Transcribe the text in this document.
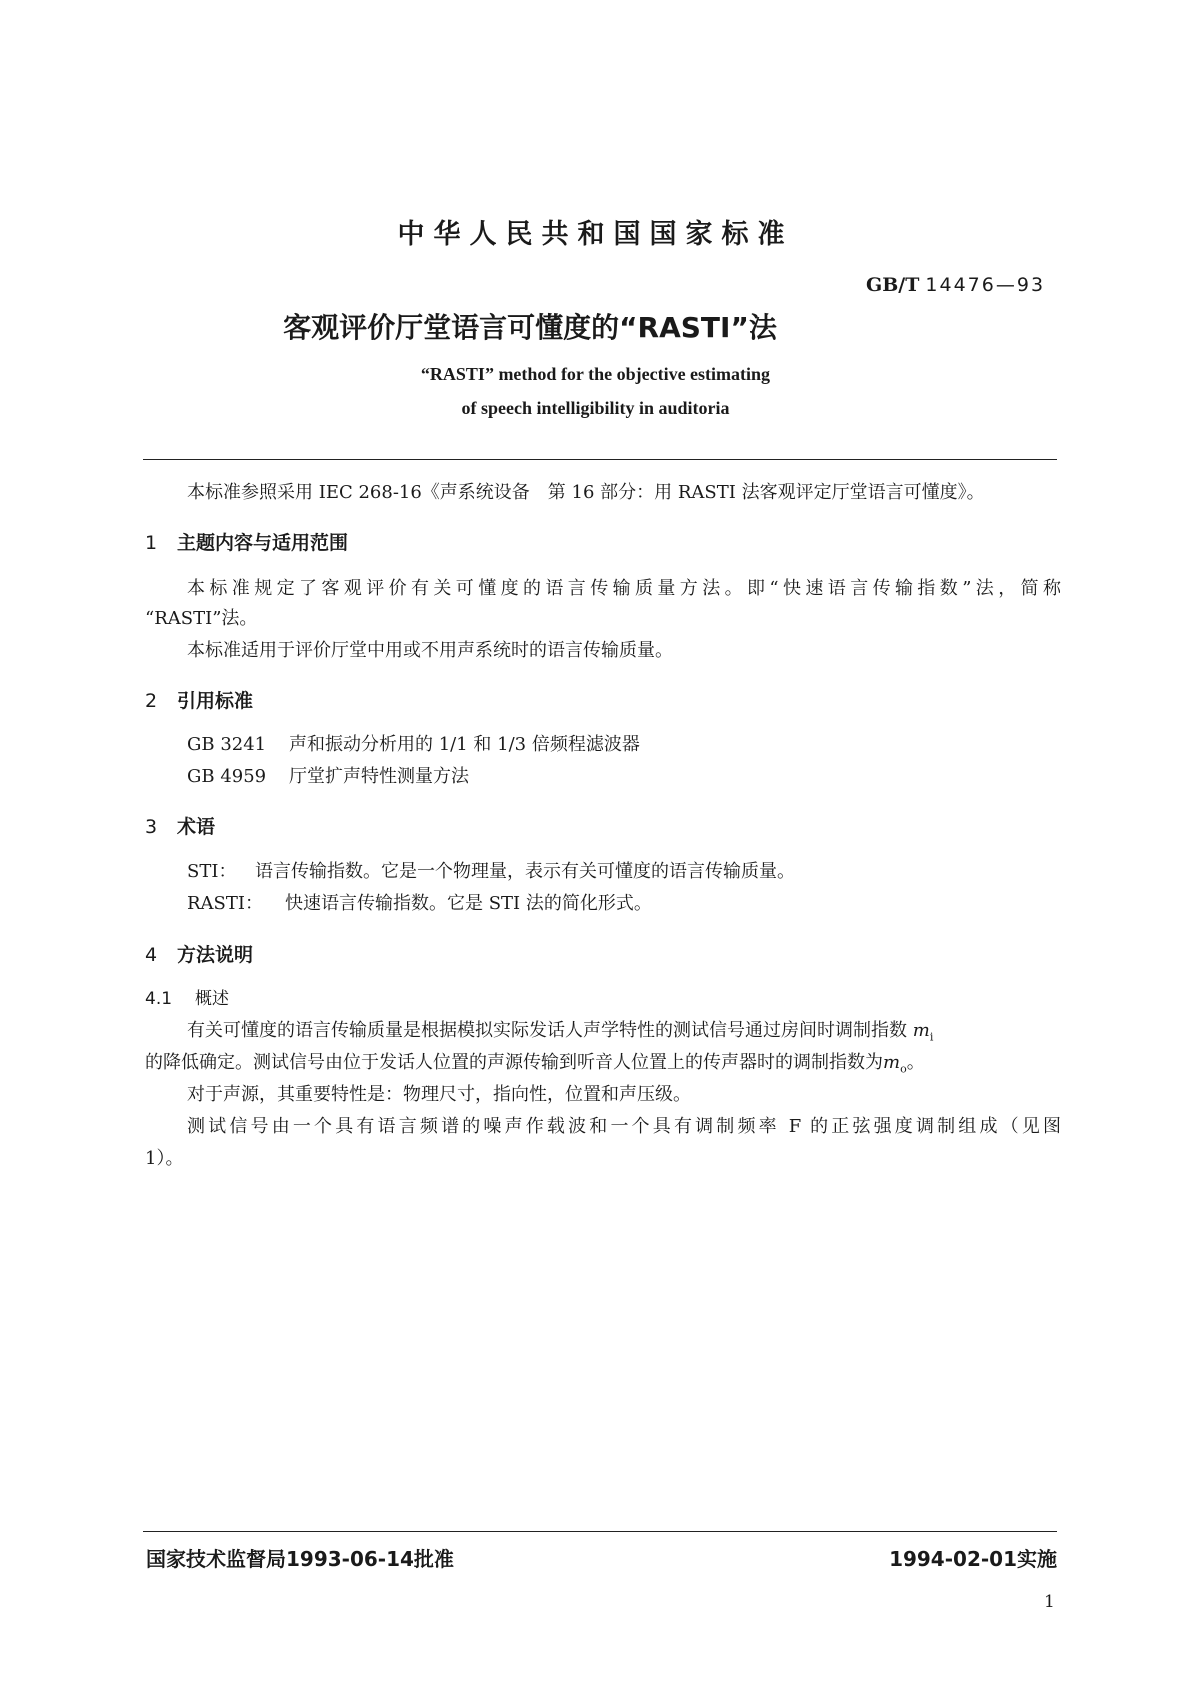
中华人民共和国国家标准
GB/T 14476—93
客观评价厅堂语言可懂度的“RASTI”法
“RASTI” method for the objective estimating
of speech intelligibility in auditoria
本标准参照采用 IEC 268-16《声系统设备　第 16 部分：用 RASTI 法客观评定厅堂语言可懂度》。
1 主题内容与适用范围
本标准规定了客观评价有关可懂度的语言传输质量方法。即“快速语言传输指数”法，简称
“RASTI”法。
本标准适用于评价厅堂中用或不用声系统时的语言传输质量。
2 引用标准
GB 3241 声和振动分析用的 1/1 和 1/3 倍频程滤波器
GB 4959 厅堂扩声特性测量方法
3 术语
STI： 语言传输指数。它是一个物理量，表示有关可懂度的语言传输质量。
RASTI： 快速语言传输指数。它是 STI 法的简化形式。
4 方法说明
4.1 概述
有关可懂度的语言传输质量是根据模拟实际发话人声学特性的测试信号通过房间时调制指数 $m_i$
的降低确定。测试信号由位于发话人位置的声源传输到听音人位置上的传声器时的调制指数为$m_o$。
对于声源，其重要特性是：物理尺寸，指向性，位置和声压级。
测试信号由一个具有语言频谱的噪声作载波和一个具有调制频率 F 的正弦强度调制组成（见图
1）。
国家技术监督局1993-06-14批准	1994-02-01实施
1
